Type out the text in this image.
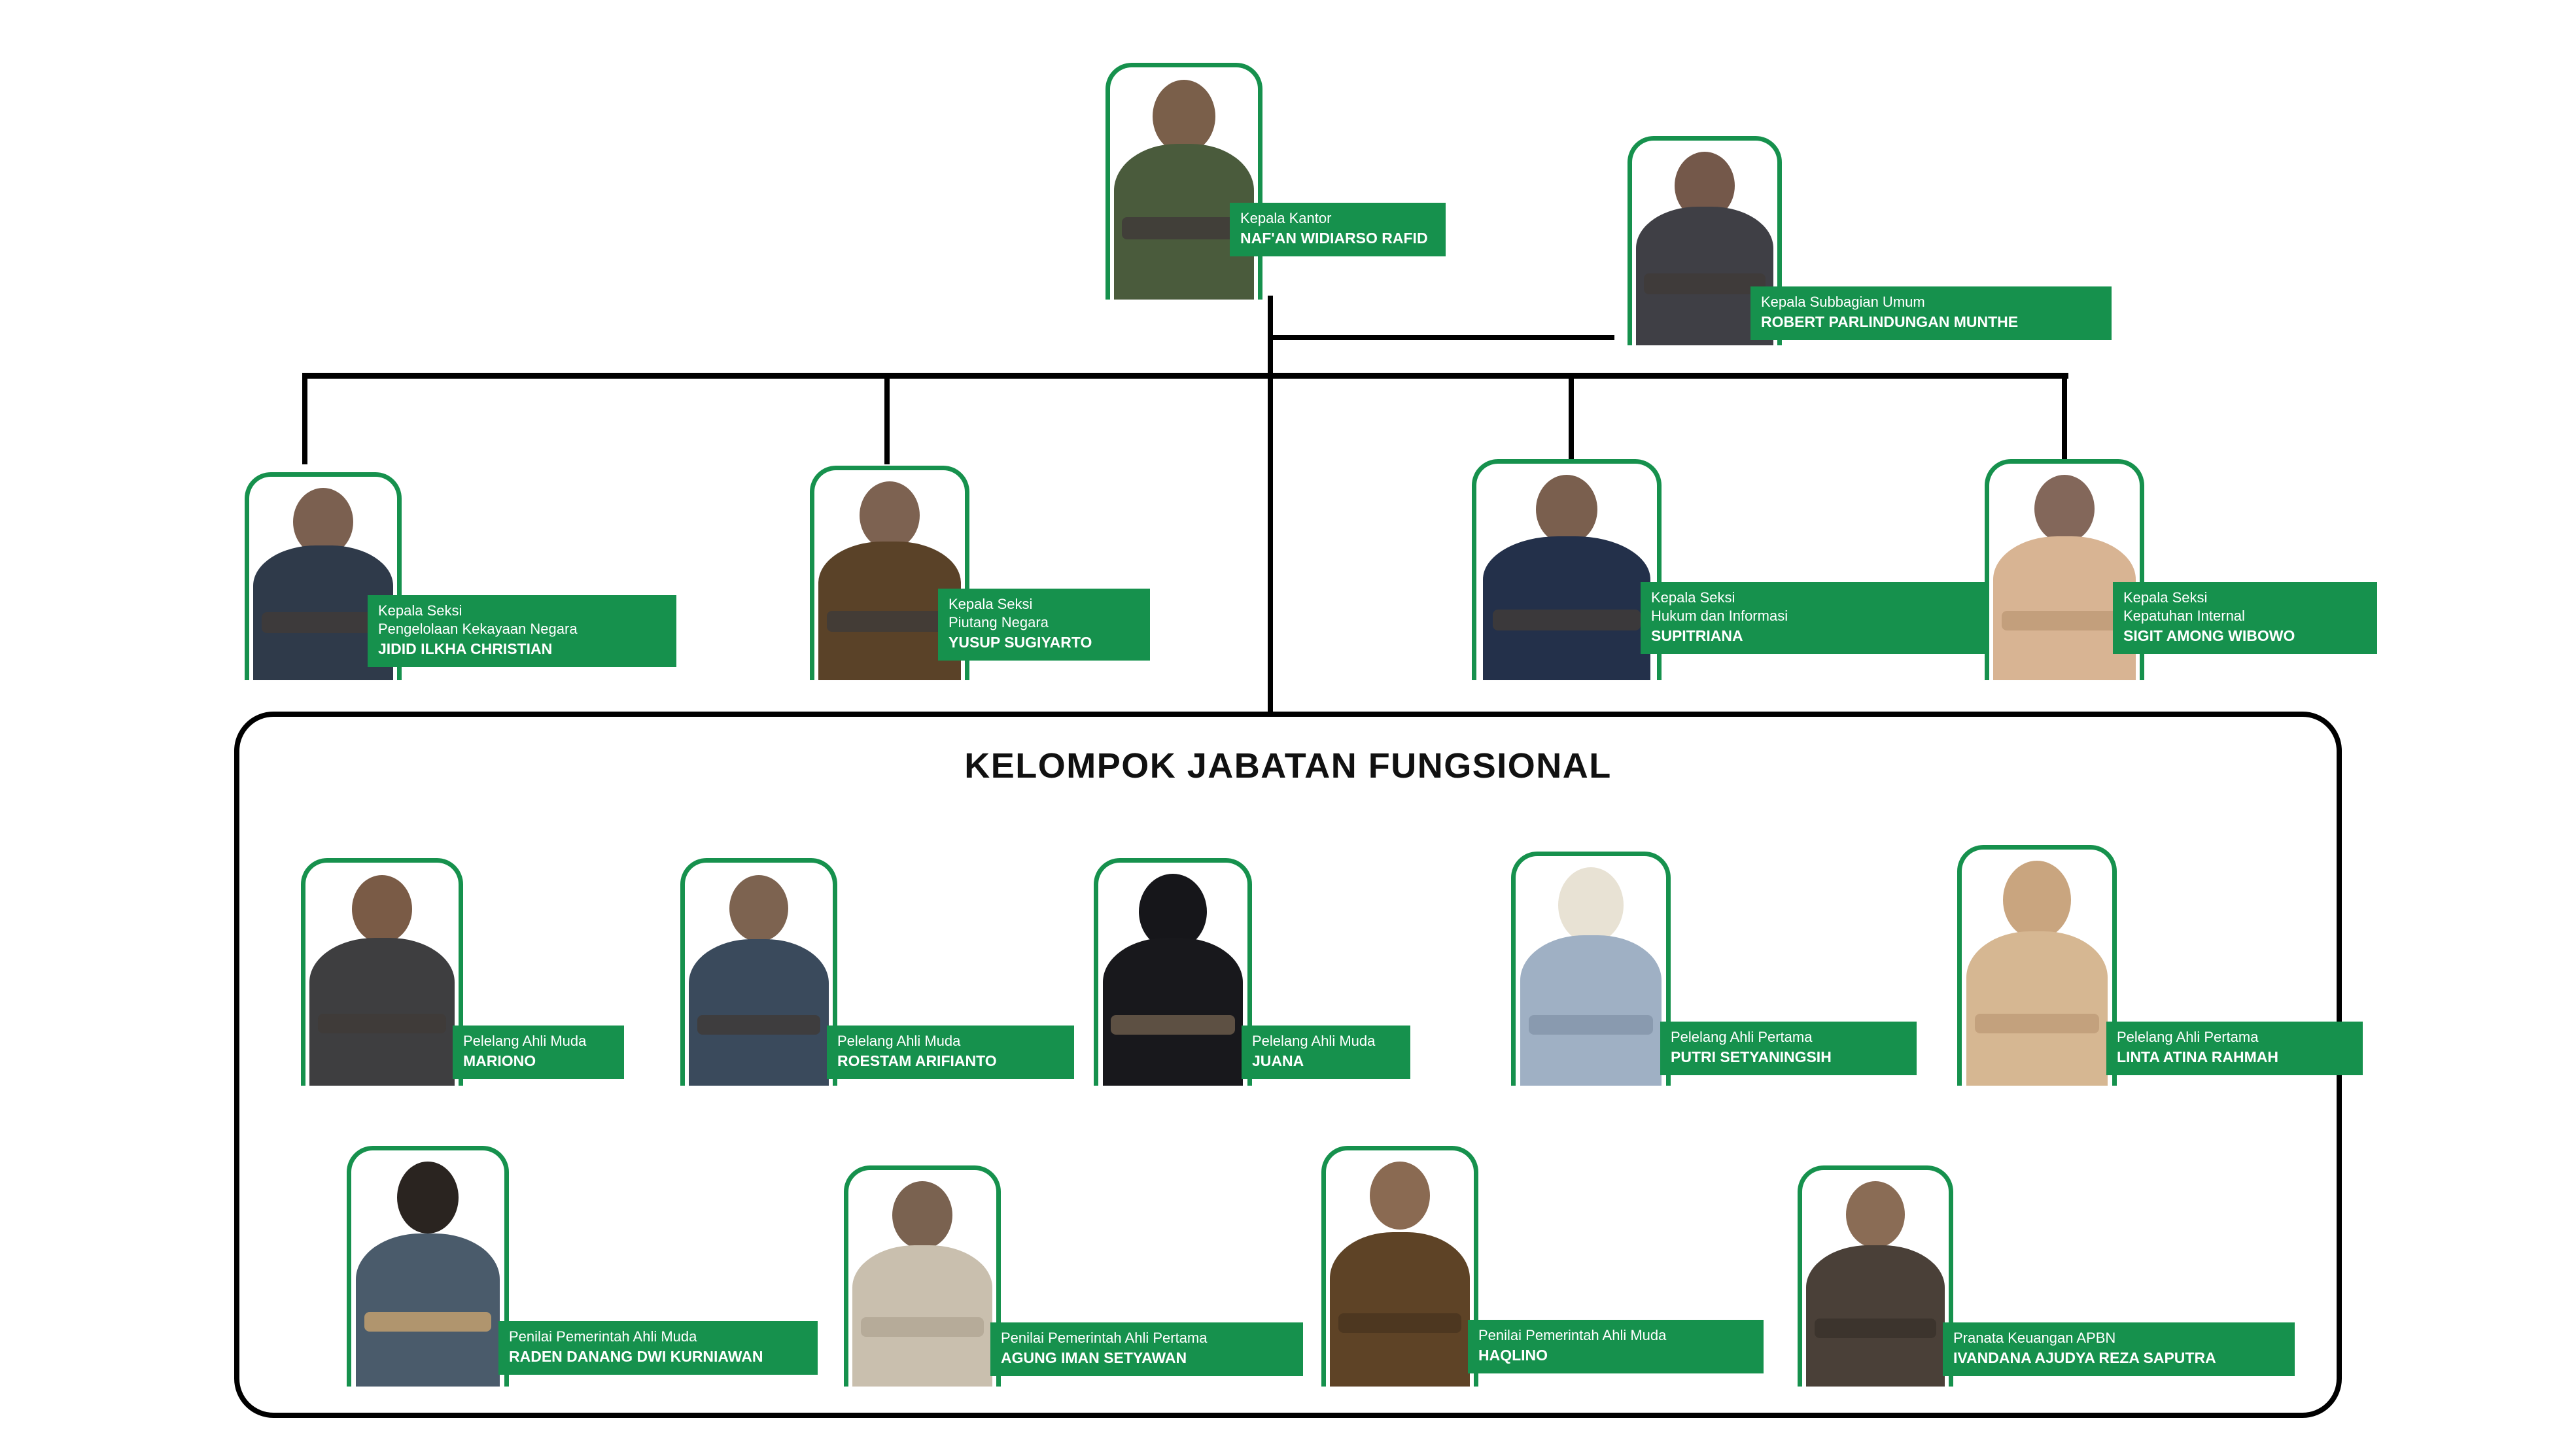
Kepala Kantor
NAF'AN WIDIARSO RAFID
Kepala Subbagian Umum
ROBERT PARLINDUNGAN MUNTHE
Kepala Seksi
Pengelolaan Kekayaan Negara
JIDID ILKHA CHRISTIAN
Kepala Seksi
Piutang Negara
YUSUP SUGIYARTO
Kepala Seksi
Hukum dan Informasi
SUPITRIANA
Kepala Seksi
Kepatuhan Internal
SIGIT AMONG WIBOWO
KELOMPOK JABATAN FUNGSIONAL
Pelelang Ahli Muda
MARIONO
Pelelang Ahli Muda
ROESTAM ARIFIANTO
Pelelang Ahli Muda
JUANA
Pelelang Ahli Pertama
PUTRI SETYANINGSIH
Pelelang Ahli Pertama
LINTA ATINA RAHMAH
Penilai Pemerintah Ahli Muda
RADEN DANANG DWI KURNIAWAN
Penilai Pemerintah Ahli Pertama
AGUNG IMAN SETYAWAN
Penilai Pemerintah Ahli Muda
HAQLINO
Pranata Keuangan APBN
IVANDANA AJUDYA REZA SAPUTRA
